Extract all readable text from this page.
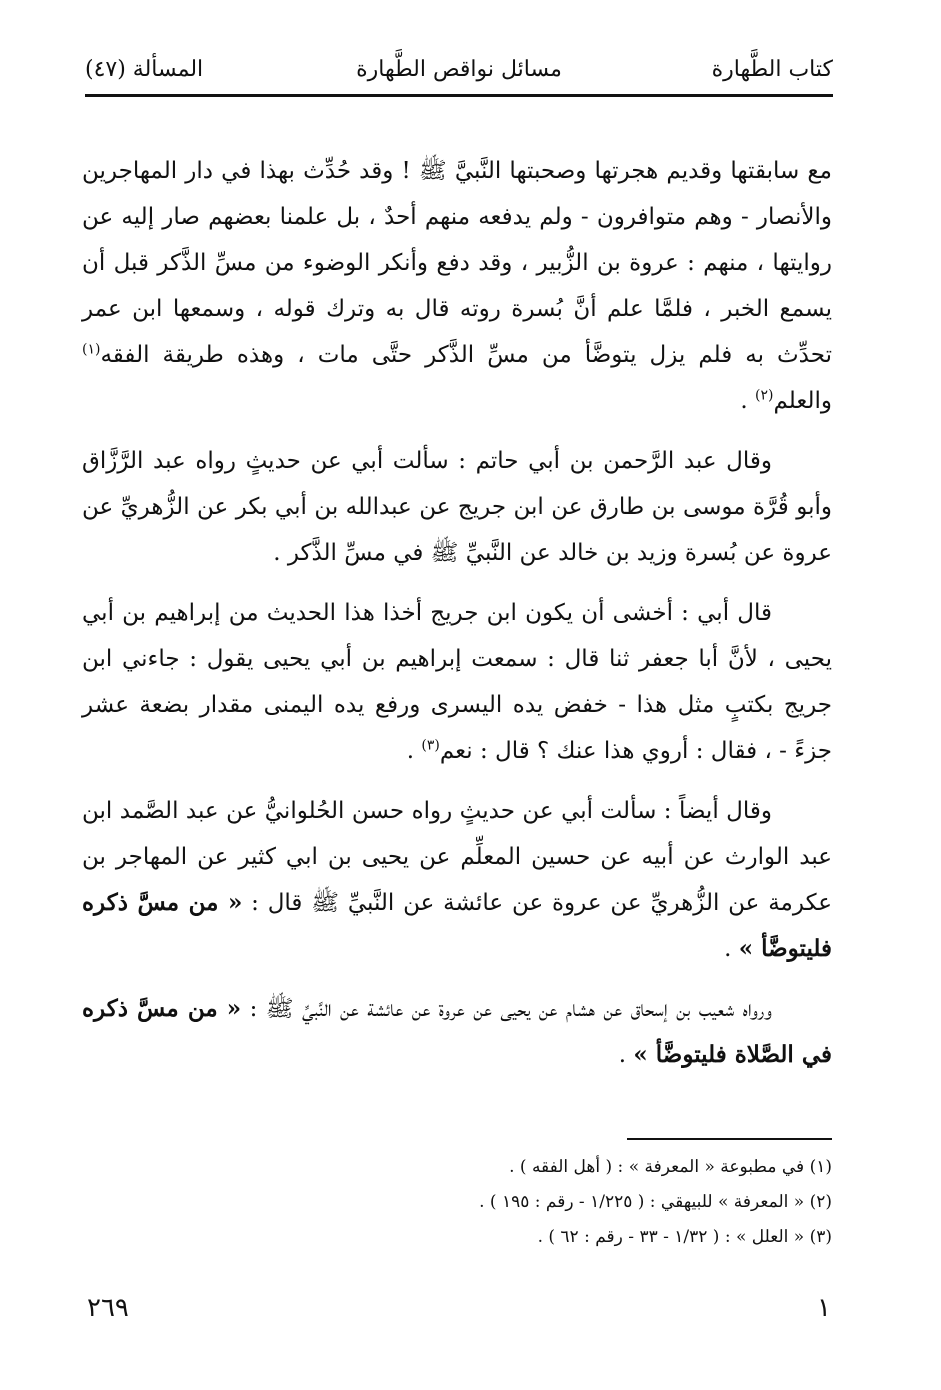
كتاب الطَّهارة
مسائل نواقص الطَّهارة
المسألة (٤٧)

مع سابقتها وقديم هجرتها وصحبتها النَّبيَّ ﷺ ! وقد حُدِّث بهذا في دار المهاجرين والأنصار - وهم متوافرون - ولم يدفعه منهم أحدٌ ، بل علمنا بعضهم صار إليه عن روايتها ، منهم : عروة بن الزُّبير ، وقد دفع وأنكر الوضوء من مسِّ الذَّكر قبل أن يسمع الخبر ، فلمَّا علم أنَّ بُسرة روته قال به وترك قوله ، وسمعها ابن عمر تحدِّث به فلم يزل يتوضَّأ من مسِّ الذَّكر حتَّى مات ، وهذه طريقة الفقه$^{(١)}$ والعلم$^{(٢)}$ .

وقال عبد الرَّحمن بن أبي حاتم : سألت أبي عن حديثٍ رواه عبد الرَّزَّاق وأبو قُرَّة موسى بن طارق عن ابن جريج عن عبدالله بن أبي بكر عن الزُّهريِّ عن عروة عن بُسرة وزيد بن خالد عن النَّبيِّ ﷺ في مسِّ الذَّكر .

قال أبي : أخشى أن يكون ابن جريج أخذا هذا الحديث من إبراهيم بن أبي يحيى ، لأنَّ أبا جعفر ثنا قال : سمعت إبراهيم بن أبي يحيى يقول : جاءني ابن جريج بكتبٍ مثل هذا - خفض يده اليسرى ورفع يده اليمنى مقدار بضعة عشر جزءً - ، فقال : أروي هذا عنك ؟ قال : نعم$^{(٣)}$ .

وقال أيضاً : سألت أبي عن حديثٍ رواه حسن الحُلوانيُّ عن عبد الصَّمد ابن عبد الوارث عن أبيه عن حسين المعلِّم عن يحيى بن ابي كثير عن المهاجر بن عكرمة عن الزُّهريِّ عن عروة عن عائشة عن النَّبيِّ ﷺ قال : « من مسَّ ذكره فليتوضَّأ » .

ورواه شعيب بن إسحاق عن هشام عن يحيى عن عروة عن عائشة عن النَّبيِّ ﷺ : « من مسَّ ذكره في الصَّلاة فليتوضَّأ » .

(١) في مطبوعة « المعرفة » : ( أهل الفقه ) .
(٢) « المعرفة » للبيهقي : ( ١/٢٢٥ - رقم : ١٩٥ ) .
(٣) « العلل » : ( ١/٣٢ - ٣٣ - رقم : ٦٢ ) .
٢٦٩	١
